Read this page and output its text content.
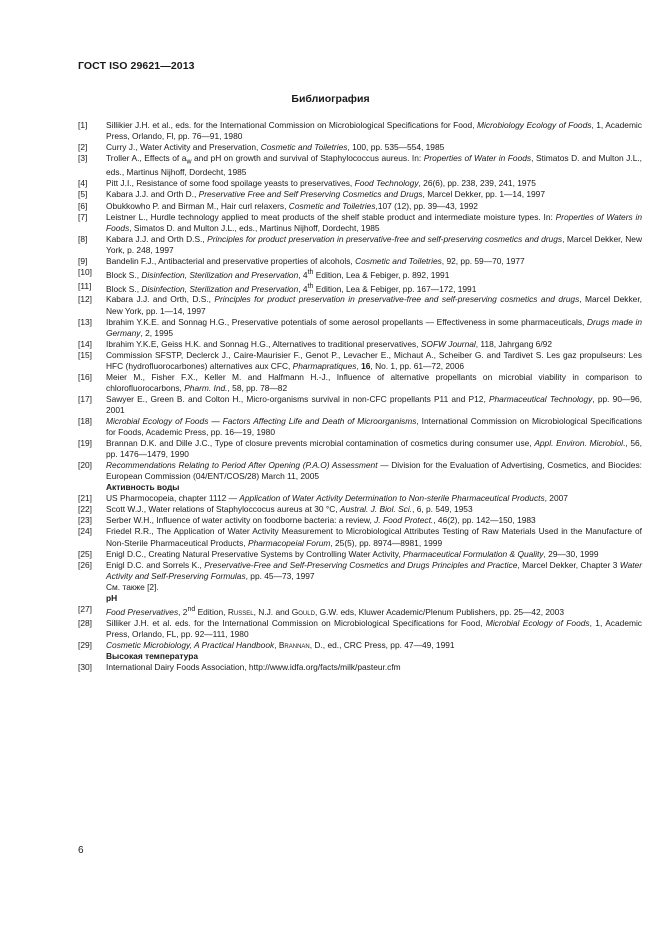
ГОСТ ISO 29621—2013
Библиография
[1]	Sillikier J.H. et al., eds. for the International Commission on Microbiological Specifications for Food, Microbiology Ecology of Foods, 1, Academic Press, Orlando, Fl, pp. 76—91, 1980
[2]	Curry J., Water Activity and Preservation, Cosmetic and Toiletries, 100, pp. 535—554, 1985
[3]	Troller A., Effects of $a_w$ and pH on growth and survival of Staphylococcus aureus. In: Properties of Water in Foods, Stimatos D. and Multon J.L., eds., Martinus Nijhoff, Dordecht, 1985
[4]	Pitt J.I., Resistance of some food spoilage yeasts to preservatives, Food Technology, 26(6), pp. 238, 239, 241, 1975
[5]	Kabara J.J. and Orth D., Preservative Free and Self Preserving Cosmetics and Drugs, Marcel Dekker, pp. 1—14, 1997
[6]	Obukkowho P. and Birman M., Hair curl relaxers, Cosmetic and Toiletries,107 (12), pp. 39—43, 1992
[7]	Leistner L., Hurdle technology applied to meat products of the shelf stable product and intermediate moisture types. In: Properties of Waters in Foods, Simatos D. and Multon J.L., eds., Martinus Nijhoff, Dordecht, 1985
[8]	Kabara J.J. and Orth D.S., Principles for product preservation in preservative-free and self-preserving cosmetics and drugs, Marcel Dekker, New York, p. 248, 1997
[9]	Bandelin F.J., Antibacterial and preservative properties of alcohols, Cosmetic and Toiletries, 92, pp. 59—70, 1977
[10]	Block S., Disinfection, Sterilization and Preservation, 4th Edition, Lea & Febiger, p. 892, 1991
[11]	Block S., Disinfection, Sterilization and Preservation, 4th Edition, Lea & Febiger, pp. 167—172, 1991
[12]	Kabara J.J. and Orth, D.S., Principles for product preservation in preservative-free and self-preserving cosmetics and drugs, Marcel Dekker, New York, pp. 1—14, 1997
[13]	Ibrahim Y.K.E. and Sonnag H.G., Preservative potentials of some aerosol propellants — Effectiveness in some pharmaceuticals, Drugs made in Germany, 2, 1995
[14]	Ibrahim Y.K.E, Geiss H.K. and Sonnag H.G., Alternatives to traditional preservatives, SOFW Journal, 118, Jahrgang 6/92
[15]	Commission SFSTP, Declerck J., Caire-Maurisier F., Genot P., Levacher E., Michaut A., Scheiber G. and Tardivet S. Les gaz propulseurs: Les HFC (hydrofluorocarbones) alternatives aux CFC, Pharmapratiques, 16, No. 1, pp. 61—72, 2006
[16]	Meier M., Fisher F.X., Keller M. and Halfmann H.-J., Influence of alternative propellants on microbial viability in comparison to chlorofluorocarbons, Pharm. Ind., 58, pp. 78—82
[17]	Sawyer E., Green B. and Colton H., Micro-organisms survival in non-CFC propellants P11 and P12, Pharmaceutical Technology, pp. 90—96, 2001
[18]	Microbial Ecology of Foods — Factors Affecting Life and Death of Microorganisms, International Commission on Microbiological Specifications for Foods, Academic Press, pp. 16—19, 1980
[19]	Brannan D.K. and Dille J.C., Type of closure prevents microbial contamination of cosmetics during consumer use, Appl. Environ. Microbiol., 56, pp. 1476—1479, 1990
[20]	Recommendations Relating to Period After Opening (P.A.O) Assessment — Division for the Evaluation of Advertising, Cosmetics, and Biocides: European Commission (04/ENT/COS/28) March 11, 2005
Активность воды
[21]	US Pharmocopeia, chapter 1112 — Application of Water Activity Determination to Non-sterile Pharmaceutical Products, 2007
[22]	Scott W.J., Water relations of Staphyloccocus aureus at 30 °C, Austral. J. Biol. Sci., 6, p. 549, 1953
[23]	Serber W.H., Influence of water activity on foodborne bacteria: a review, J. Food Protect., 46(2), pp. 142—150, 1983
[24]	Friedel R.R., The Application of Water Activity Measurement to Microbiological Attributes Testing of Raw Materials Used in the Manufacture of Non-Sterile Pharmaceutical Products, Pharmacopeial Forum, 25(5), pp. 8974—8981, 1999
[25]	Enigl D.C., Creating Natural Preservative Systems by Controlling Water Activity, Pharmaceutical Formulation & Quality, 29—30, 1999
[26]	Enigl D.C. and Sorrels K., Preservative-Free and Self-Preserving Cosmetics and Drugs Principles and Practice, Marcel Dekker, Chapter 3 Water Activity and Self-Preserving Formulas, pp. 45—73, 1997
См. также [2].
pH
[27]	Food Preservatives, 2nd Edition, Russel, N.J. and Gould, G.W. eds, Kluwer Academic/Plenum Publishers, pp. 25—42, 2003
[28]	Silliker J.H. et al. eds. for the International Commission on Microbiological Specifications for Food, Microbial Ecology of Foods, 1, Academic Press, Orlando, FL, pp. 92—111, 1980
[29]	Cosmetic Microbiology, A Practical Handbook, Brannan, D., ed., CRC Press, pp. 47—49, 1991
Высокая температура
[30]	International Dairy Foods Association, http://www.idfa.org/facts/milk/pasteur.cfm
6
